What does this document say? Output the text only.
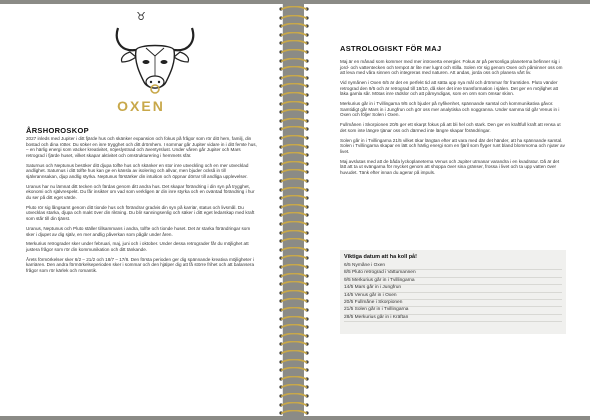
♉
OXEN
ÅRSHOROSKOP

2027 inleds med Jupiter i ditt fjärde hus och skänker expansion och fokus på frågor som rör ditt hem, familj, din bostad och dina rötter. Du söker en inre trygghet och ditt drömhem. I sommar går Jupiter vidare in i ditt femte hus, – en härlig energi som väcker kreativitet, nöjeslystnad och äventyrslust. Under våren går Jupiter och Mars retrograd i fjärde huset, vilket skapar aktivitet och omstrukturering i hemmets sfär.

Saturnus och Neptunus besöker ditt djupa tolfte hus och skänker en stor inre utveckling och en mer utvecklad andlighet. Saturnus i ditt tolfte hus kan ge en känsla av isolering och allvar, men bjuder också in till självrannsakan, djup andlig styrka. Neptunus förstärker din intuition och öppnar dörrar till andliga upplevelser.

Uranus har nu lämnat ditt tecken och färdas genom ditt andra hus. Det skapar förändring i din syn på trygghet, ekonomi och självrespekt. Du får insikter om vad som verkligen är din inre styrka och en oväntad förändring i hur du ser på ditt eget värde.

Pluto rör sig långsamt genom ditt tionde hus och förändrar gradvis din syn på karriär, status och livsmål. Du utvecklas starka, djupa och makt över din riktning. Du blir sanningsenlig och säker i ditt eget ledarskap med kraft som står till din tjänst.

Uranus, Neptunus och Pluto ställer tillsammans i andra, tolfte och tionde huset. Det är starka förändringar som sker i djupet av dig själv, en mer andlig påverkan som pågår under åren.

Merkurius retrograder sker under februari, maj, juni och i oktober. Under dessa retrograder får du möjlighet att justera frågor som rör din kommunikation och ditt tänkande.

Årets förmörkelser sker 6/2 – 21/2 och 18/7 – 17/8. Den första perioden ger dig spännande kreativa möjligheter i karriären. Den andra förmörkelseperioden sker i sommar och den hjälper dig att få större frihet och att balansera frågor som rör kärlek och romantik.

ASTROLOGISKT FÖR MAJ

Maj är en månad som kommer med mer introverta energier. Fokus är på personliga planeterna befinner sig i jord- och vattentecken och tempot är lite mer lugnt och stilla. Solen rör sig genom Oxen och påminner oss om att leva med våra sinnen och integreras med naturen. Att andas, jorda oss och planera vårt liv.

Vid nymånen i Oxen 6/5 är det en perfekt tid att sätta upp nya mål och drömmar för framtiden. Pluto vänder retrograd den 9/5 och är retrograd till 18/10, då sker det inre transformation i själen. Det ger en möjlighet att läka gamla sår. Mötas inre rädslor och att påmyndigas, som en orm som ömsar skinn.

Merkurius går in i Tvillingarna 9/5 och bjuder på nyfikenhet, spännande samtal och kommunikativa gåvor. Samtidigt går Mars in i Jungfrun och gör oss mer analytiska och noggranna. Under samma tid går Venus in i Oxen och följer Solen i Oxen.

Fullmånen i Skorpionen 20/5 ger ett skarpt fokus på att bli hel och stark. Den ger en kraftfull kraft att rensa ut det som inte längre tjänar oss och därmed inte längre skapar förändringar.

Solen går in i Tvillingarna 21/5 vilket ökar längtan efter att vara med där det händer, att ha spännande samtal. Solen i Tvillingarna skapar en lätt och härlig energi som en fjäril som flyger runt bland blommorna och njuter av livet.

Maj avslutas med att de båda lyckoplaneterna Venus och Jupiter utmanar varandra i en kvadratur. Då är det lätt att ta ut svängarna för mycket genom att shoppa över sina gränser, frossa i livet och ta upp vatten över huvudet. Tänk efter innan du agerar på impuls.

Viktiga datum att ha koll på!
6/5 Nymåne i Oxen
8/5 Pluto retrograd i Vattumannen
9/5 Merkurius går in i Tvillingarna
14/5 Mars går in i Jungfrun
14/5 Venus går in i Oxen
20/5 Fullmåne i Skorpionen
21/5 Solen går in i Tvillingarna
28/5 Merkurius går in i Kräftan
